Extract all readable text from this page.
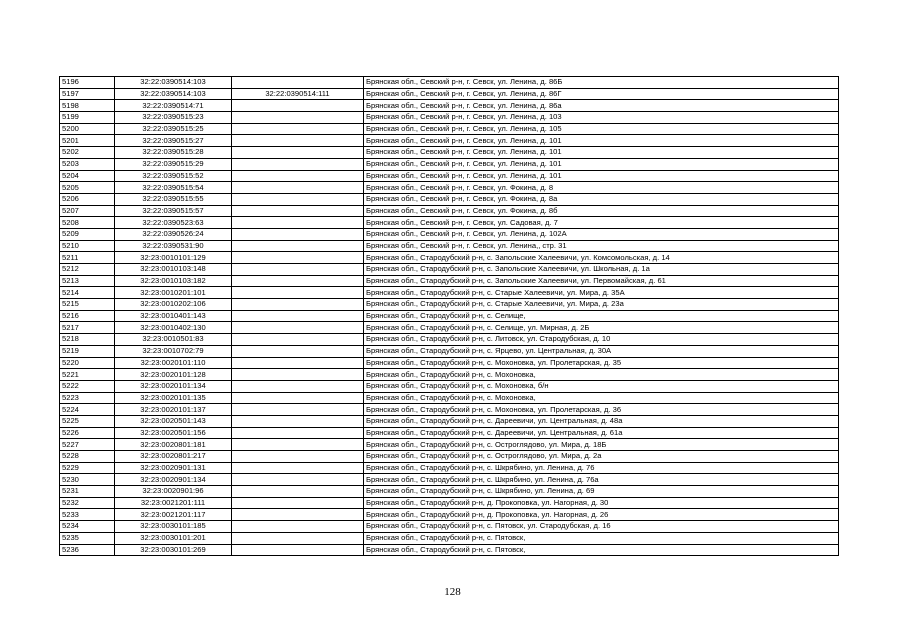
5196	32:22:0390514:103		Брянская обл., Севский р-н, г. Севск, ул. Ленина, д. 86Б
5197	32:22:0390514:103	32:22:0390514:111	Брянская обл., Севский р-н, г. Севск, ул. Ленина, д. 86Г
5198	32:22:0390514:71		Брянская обл., Севский р-н, г. Севск, ул. Ленина, д. 86а
5199	32:22:0390515:23		Брянская обл., Севский р-н, г. Севск, ул. Ленина, д. 103
5200	32:22:0390515:25		Брянская обл., Севский р-н, г. Севск, ул. Ленина, д. 105
5201	32:22:0390515:27		Брянская обл., Севский р-н, г. Севск, ул. Ленина, д. 101
5202	32:22:0390515:28		Брянская обл., Севский р-н, г. Севск, ул. Ленина, д. 101
5203	32:22:0390515:29		Брянская обл., Севский р-н, г. Севск, ул. Ленина, д. 101
5204	32:22:0390515:52		Брянская обл., Севский р-н, г. Севск, ул. Ленина, д. 101
5205	32:22:0390515:54		Брянская обл., Севский р-н, г. Севск, ул. Фокина, д. 8
5206	32:22:0390515:55		Брянская обл., Севский р-н, г. Севск, ул. Фокина, д. 8а
5207	32:22:0390515:57		Брянская обл., Севский р-н, г. Севск, ул. Фокина, д. 8б
5208	32:22:0390523:63		Брянская обл., Севский р-н, г. Севск, ул. Садовая, д. 7
5209	32:22:0390526:24		Брянская обл., Севский р-н, г. Севск, ул. Ленина, д. 102А
5210	32:22:0390531:90		Брянская обл., Севский р-н, г. Севск, ул. Ленина,, стр. 31
5211	32:23:0010101:129		Брянская обл., Стародубский р-н, с. Запольские Халеевичи, ул. Комсомольская, д. 14
5212	32:23:0010103:148		Брянская обл., Стародубский р-н, с. Запольские Халеевичи, ул. Школьная, д. 1а
5213	32:23:0010103:182		Брянская обл., Стародубский р-н, с. Запольские Халеевичи, ул. Первомайская, д. 61
5214	32:23:0010201:101		Брянская обл., Стародубский р-н, с. Старые Халеевичи, ул. Мира, д. 35А
5215	32:23:0010202:106		Брянская обл., Стародубский р-н, с. Старые Халеевичи, ул. Мира, д. 23а
5216	32:23:0010401:143		Брянская обл., Стародубский р-н, с. Селище,
5217	32:23:0010402:130		Брянская обл., Стародубский р-н, с. Селище, ул. Мирная, д. 2Б
5218	32:23:0010501:83		Брянская обл., Стародубский р-н, с. Литовск, ул. Стародубская, д. 10
5219	32:23:0010702:79		Брянская обл., Стародубский р-н, с. Ярцево, ул. Центральная, д. 30А
5220	32:23:0020101:110		Брянская обл., Стародубский р-н, с. Мохоновка, ул. Пролетарская, д. 35
5221	32:23:0020101:128		Брянская обл., Стародубский р-н, с. Мохоновка,
5222	32:23:0020101:134		Брянская обл., Стародубский р-н, с. Мохоновка, б/н
5223	32:23:0020101:135		Брянская обл., Стародубский р-н, с. Мохоновка,
5224	32:23:0020101:137		Брянская обл., Стародубский р-н, с. Мохоновка, ул. Пролетарская, д. 36
5225	32:23:0020501:143		Брянская обл., Стародубский р-н, с. Дареевичи, ул. Центральная, д. 48а
5226	32:23:0020501:156		Брянская обл., Стародубский р-н, с. Дареевичи, ул. Центральная, д. 61а
5227	32:23:0020801:181		Брянская обл., Стародубский р-н, с. Остроглядово, ул. Мира, д. 18Б
5228	32:23:0020801:217		Брянская обл., Стародубский р-н, с. Остроглядово, ул. Мира, д. 2а
5229	32:23:0020901:131		Брянская обл., Стародубский р-н, с. Шкрябино, ул. Ленина, д. 76
5230	32:23:0020901:134		Брянская обл., Стародубский р-н, с. Шкрябино, ул. Ленина, д. 76а
5231	32:23:0020901:96		Брянская обл., Стародубский р-н, с. Шкрябино, ул. Ленина, д. 69
5232	32:23:0021201:111		Брянская обл., Стародубский р-н, д. Прокоповка, ул. Нагорная, д. 30
5233	32:23:0021201:117		Брянская обл., Стародубский р-н, д. Прокоповка, ул. Нагорная, д. 26
5234	32:23:0030101:185		Брянская обл., Стародубский р-н, с. Пятовск, ул. Стародубская, д. 16
5235	32:23:0030101:201		Брянская обл., Стародубский р-н, с. Пятовск,
5236	32:23:0030101:269		Брянская обл., Стародубский р-н, с. Пятовск,
128
